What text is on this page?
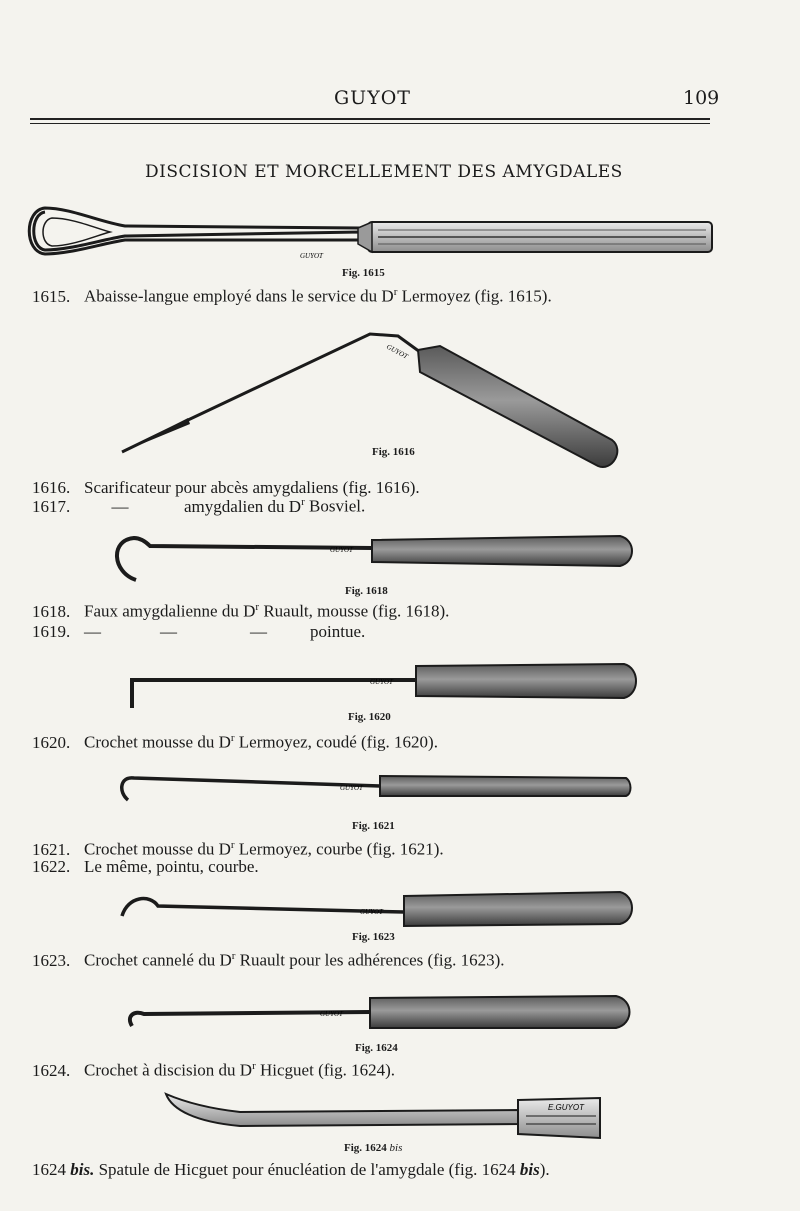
GUYOT	109
DISCISION ET MORCELLEMENT DES AMYGDALES
GUYOT
GUYOT
GUYOT
GUYOT
GUYOT
GUYOT
GUYOT
E.GUYOT
Fig. 1615
Fig. 1616
Fig. 1618
Fig. 1620
Fig. 1621
Fig. 1623
Fig. 1624
Fig. 1624 bis
1615. Abaisse-langue employé dans le service du $D^r$ Lermoyez (fig. 1615).
1616. Scarificateur pour abcès amygdaliens (fig. 1616).
1617. —	amygdalien du $D^r$ Bosviel.
1618. Faux amygdalienne du $D^r$ Ruault, mousse (fig. 1618).
1619. —	—	—	pointue.
1620. Crochet mousse du $D^r$ Lermoyez, coudé (fig. 1620).
1621. Crochet mousse du $D^r$ Lermoyez, courbe (fig. 1621).
1622. Le même, pointu, courbe.
1623. Crochet cannelé du $D^r$ Ruault pour les adhérences (fig. 1623).
1624. Crochet à discision du $D^r$ Hicguet (fig. 1624).
1624 bis. Spatule de Hicguet pour énucléation de l'amygdale (fig. 1624 bis).
